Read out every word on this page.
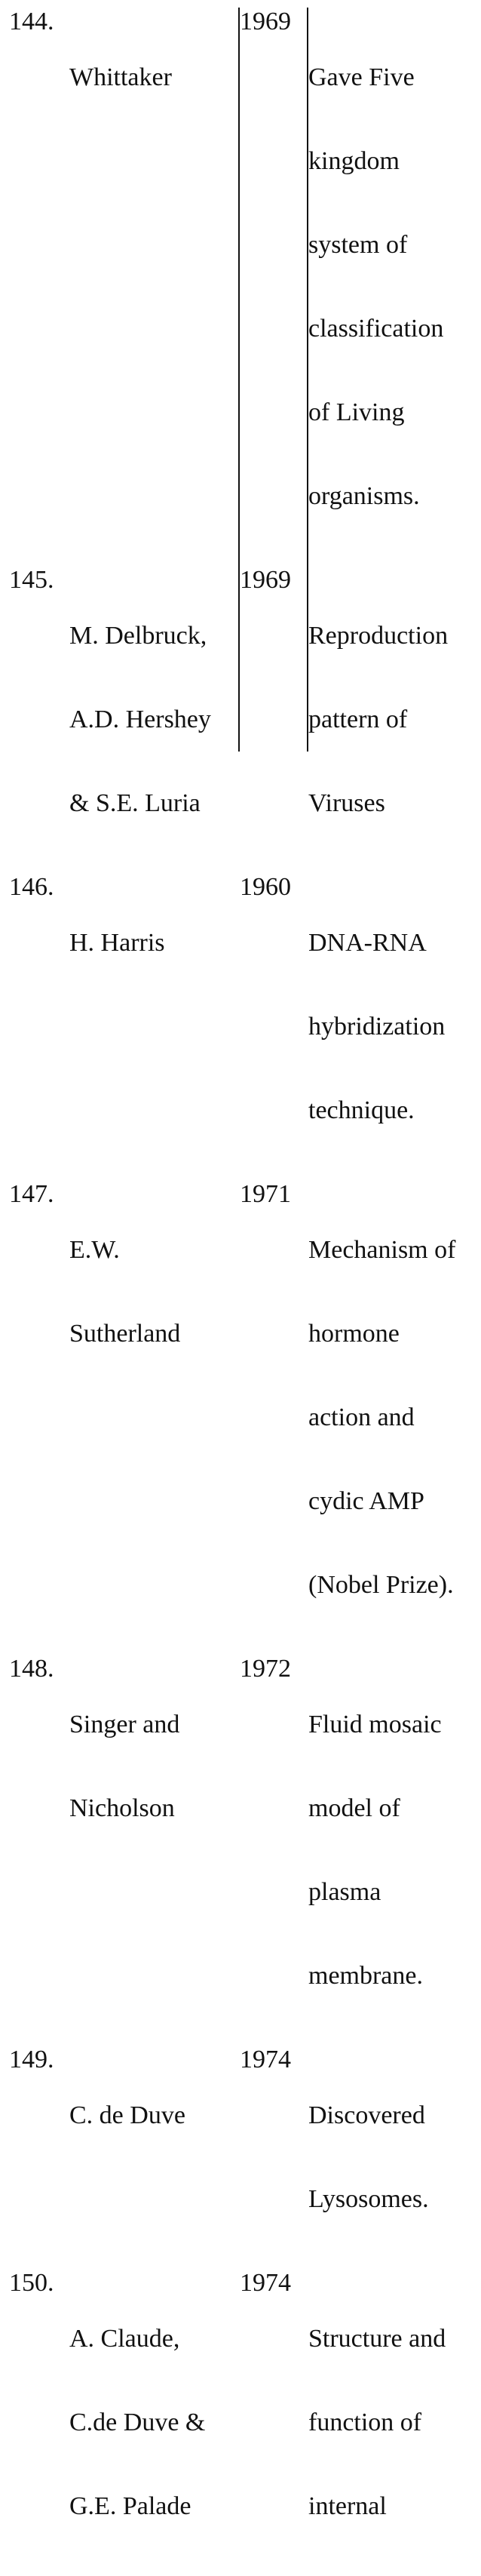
144.

Whittaker

1969

Gave Five

kingdom

system of

classification

of Living

organisms.

145.

M. Delbruck,

A.D. Hershey

& S.E. Luria

1969

Reproduction

pattern of

Viruses

146.

H. Harris

1960

DNA-RNA

hybridization

technique.

147.

E.W.

Sutherland

1971

Mechanism of

hormone

action and

cydic AMP

(Nobel Prize).

148.

Singer and

Nicholson

1972

Fluid mosaic

model of

plasma

membrane.

149.

C. de Duve

1974

Discovered

Lysosomes.

150.

A. Claude,

C.de Duve &

G.E. Palade

1974

Structure and

function of

internal
